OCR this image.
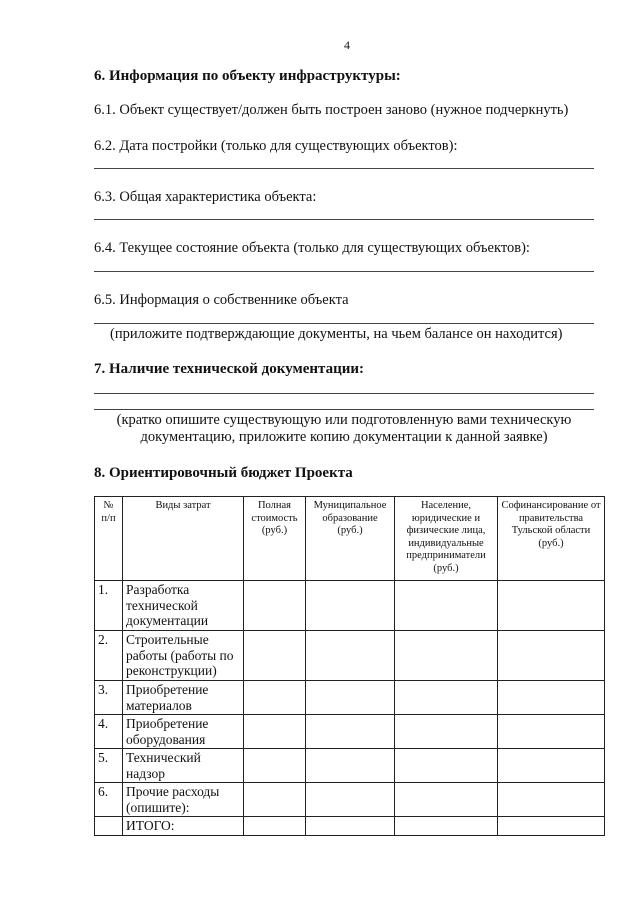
4
6. Информация по объекту инфраструктуры:
6.1. Объект существует/должен быть построен заново (нужное подчеркнуть)
6.2. Дата постройки (только для существующих объектов):
6.3. Общая характеристика объекта:
6.4. Текущее состояние объекта (только для существующих объектов):
6.5. Информация о собственнике объекта
(приложите подтверждающие документы, на чьем балансе он находится)
7. Наличие технической документации:
(кратко опишите существующую или подготовленную вами техническую
документацию, приложите копию документации к данной заявке)
8. Ориентировочный бюджет Проекта
№ п/п	Виды затрат	Полная стоимость (руб.)	Муниципальное образование (руб.)	Население, юридические и физические лица, индивидуальные предприниматели (руб.)	Софинансирование от правительства Тульской области (руб.)
1.	Разработка технической документации				
2.	Строительные работы (работы по реконструкции)				
3.	Приобретение материалов				
4.	Приобретение оборудования				
5.	Технический надзор				
6.	Прочие расходы (опишите):				
	ИТОГО:				
